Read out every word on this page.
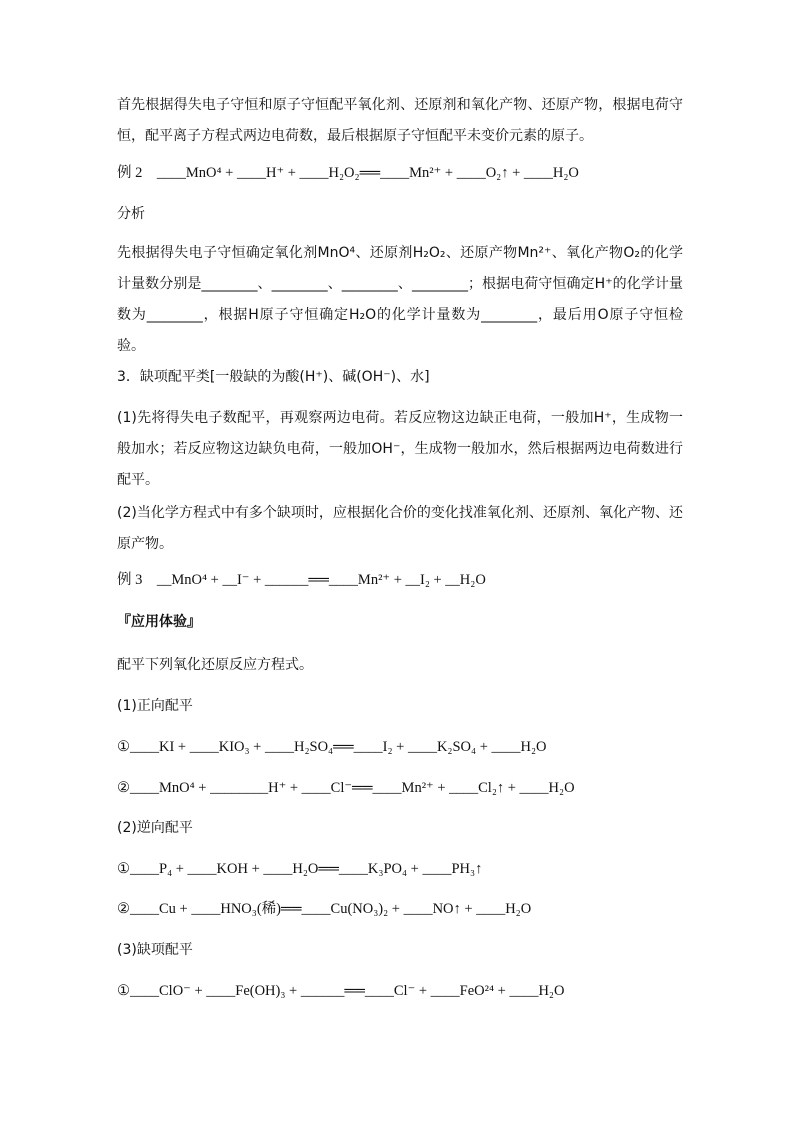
首先根据得失电子守恒和原子守恒配平氧化剂、还原剂和氧化产物、还原产物，根据电荷守恒，配平离子方程式两边电荷数，最后根据原子守恒配平未变价元素的原子。
例 2　____MnO⁴ + ____H⁺ + ____H₂O₂══____Mn²⁺ + ____O₂↑ + ____H₂O
分析
先根据得失电子守恒确定氧化剂MnO⁴、还原剂H₂O₂、还原产物Mn²⁺、氧化产物O₂的化学计量数分别是________、________、________、________；根据电荷守恒确定H⁺的化学计量数为________，根据H原子守恒确定H₂O的化学计量数为________，最后用O原子守恒检验。
3．缺项配平类[一般缺的为酸(H⁺)、碱(OH⁻)、水]
(1)先将得失电子数配平，再观察两边电荷。若反应物这边缺正电荷，一般加H⁺，生成物一般加水；若反应物这边缺负电荷，一般加OH⁻，生成物一般加水，然后根据两边电荷数进行配平。
(2)当化学方程式中有多个缺项时，应根据化合价的变化找准氧化剂、还原剂、氧化产物、还原产物。
例 3　__MnO⁴ + __I⁻ + ______══____Mn²⁺ + __I₂ + __H₂O
『应用体验』
配平下列氧化还原反应方程式。
(1)正向配平
①____KI + ____KIO₃ + ____H₂SO₄══____I₂ + ____K₂SO₄ + ____H₂O
②____MnO⁴ + ________H⁺ + ____Cl⁻══____Mn²⁺ + ____Cl₂↑ + ____H₂O
(2)逆向配平
①____P₄ + ____KOH + ____H₂O══____K₃PO₄ + ____PH₃↑
②____Cu + ____HNO₃(稀)══____Cu(NO₃)₂ + ____NO↑ + ____H₂O
(3)缺项配平
①____ClO⁻ + ____Fe(OH)₃ + ______══____Cl⁻ + ____FeO²⁴ + ____H₂O
